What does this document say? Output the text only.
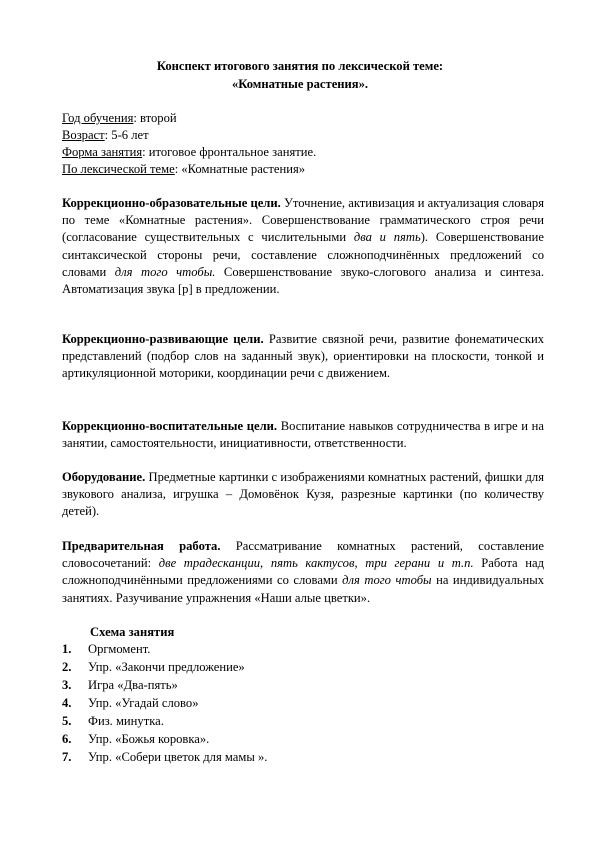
Конспект итогового занятия по лексической теме:
«Комнатные растения».
Год обучения: второй
Возраст: 5-6 лет
Форма занятия: итоговое фронтальное занятие.
По лексической теме: «Комнатные растения»
Коррекционно-образовательные цели. Уточнение, активизация и актуализация словаря по теме «Комнатные растения». Совершенствование грамматического строя речи (согласование существительных с числительными два и пять). Совершенствование синтаксической стороны речи, составление сложноподчинённых предложений со словами для того чтобы. Совершенствование звуко-слогового анализа и синтеза. Автоматизация звука [р] в предложении.
Коррекционно-развивающие цели. Развитие связной речи, развитие фонематических представлений (подбор слов на заданный звук), ориентировки на плоскости, тонкой и артикуляционной моторики, координации речи с движением.
Коррекционно-воспитательные цели. Воспитание навыков сотрудничества в игре и на занятии, самостоятельности, инициативности, ответственности.
Оборудование. Предметные картинки с изображениями комнатных растений, фишки для звукового анализа, игрушка – Домовёнок Кузя, разрезные картинки (по количеству детей).
Предварительная работа. Рассматривание комнатных растений, составление словосочетаний: две традесканции, пять кактусов, три герани и т.п. Работа над сложноподчинёнными предложениями со словами для того чтобы на индивидуальных занятиях. Разучивание упражнения «Наши алые цветки».
Схема занятия
1. Оргмомент.
2. Упр. «Закончи предложение»
3. Игра «Два-пять»
4. Упр. «Угадай слово»
5. Физ. минутка.
6. Упр. «Божья коровка».
7. Упр. «Собери цветок для мамы ».
